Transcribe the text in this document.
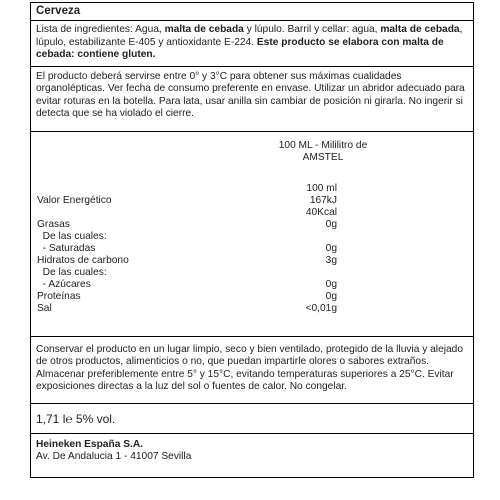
Cerveza
Lista de ingredientes: Agua, malta de cebada y lúpulo. Barril y cellar: agua, malta de cebada, lúpulo, estabilizante E-405 y antioxidante E-224. Este producto se elabora con malta de cebada: contiene gluten.
El producto deberá servirse entre 0° y 3°C para obtener sus máximas cualidades organolépticas. Ver fecha de consumo preferente en envase. Utilizar un abridor adecuado para evitar roturas en la botella. Para lata, usar anilla sin cambiar de posición ni girarla. No ingerir si detecta que se ha violado el cierre.
100 ML - Mililitro de
AMSTEL
100 ml
Valor Energético	167kJ
40Kcal
Grasas	0g
De las cuales:
- Saturadas	0g
Hidratos de carbono	3g
De las cuales:
- Azúcares	0g
Proteínas	0g
Sal	<0,01g
Conservar el producto en un lugar limpio, seco y bien ventilado, protegido de la lluvia y alejado de otros productos, alimenticios o no, que puedan impartirle olores o sabores extraños. Almacenar preferiblemente entre 5° y 15°C, evitando temperaturas superiores a 25°C. Evitar exposiciones directas a la luz del sol o fuentes de calor. No congelar.
1,71 l℮ 5% vol.
Heineken España S.A.
Av. De Andalucia 1 - 41007 Sevilla
